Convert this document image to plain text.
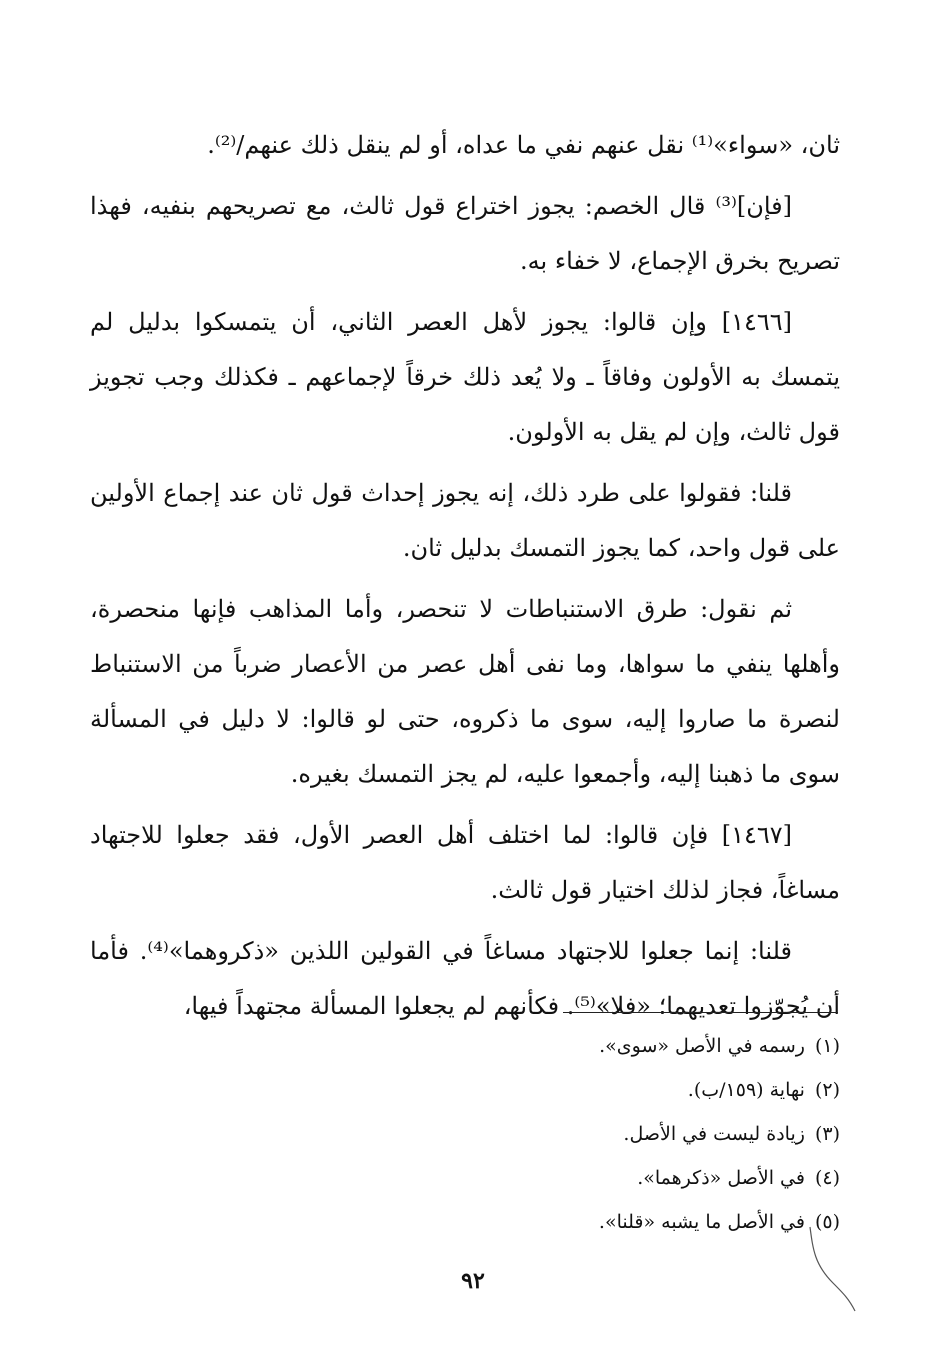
ثان، «سواء»⁽¹⁾ نقل عنهم نفي ما عداه، أو لم ينقل ذلك عنهم/⁽²⁾.

[فإن]⁽³⁾ قال الخصم: يجوز اختراع قول ثالث، مع تصريحهم بنفيه، فهذا تصريح بخرق الإجماع، لا خفاء به.

[١٤٦٦] وإن قالوا: يجوز لأهل العصر الثاني، أن يتمسكوا بدليل لم يتمسك به الأولون وفاقاً ـ ولا يُعد ذلك خرقاً لإجماعهم ـ فكذلك وجب تجويز قول ثالث، وإن لم يقل به الأولون.

قلنا: فقولوا على طرد ذلك، إنه يجوز إحداث قول ثان عند إجماع الأولين على قول واحد، كما يجوز التمسك بدليل ثان.

ثم نقول: طرق الاستنباطات لا تنحصر، وأما المذاهب فإنها منحصرة، وأهلها ينفي ما سواها، وما نفى أهل عصر من الأعصار ضرباً من الاستنباط لنصرة ما صاروا إليه، سوى ما ذكروه، حتى لو قالوا: لا دليل في المسألة سوى ما ذهبنا إليه، وأجمعوا عليه، لم يجز التمسك بغيره.

[١٤٦٧] فإن قالوا: لما اختلف أهل العصر الأول، فقد جعلوا للاجتهاد مساغاً، فجاز لذلك اختيار قول ثالث.

قلنا: إنما جعلوا للاجتهاد مساغاً في القولين اللذين «ذكروهما»⁽⁴⁾. فأما أن يُجوّزوا تعديهما؛ «فلا»⁽⁵⁾. فكأنهم لم يجعلوا المسألة مجتهداً فيها،

(١)رسمه في الأصل «سوى».
(٢)نهاية (١٥٩/ب).
(٣)زيادة ليست في الأصل.
(٤)في الأصل «ذكرهما».
(٥)في الأصل ما يشبه «قلنا».
٩٢
